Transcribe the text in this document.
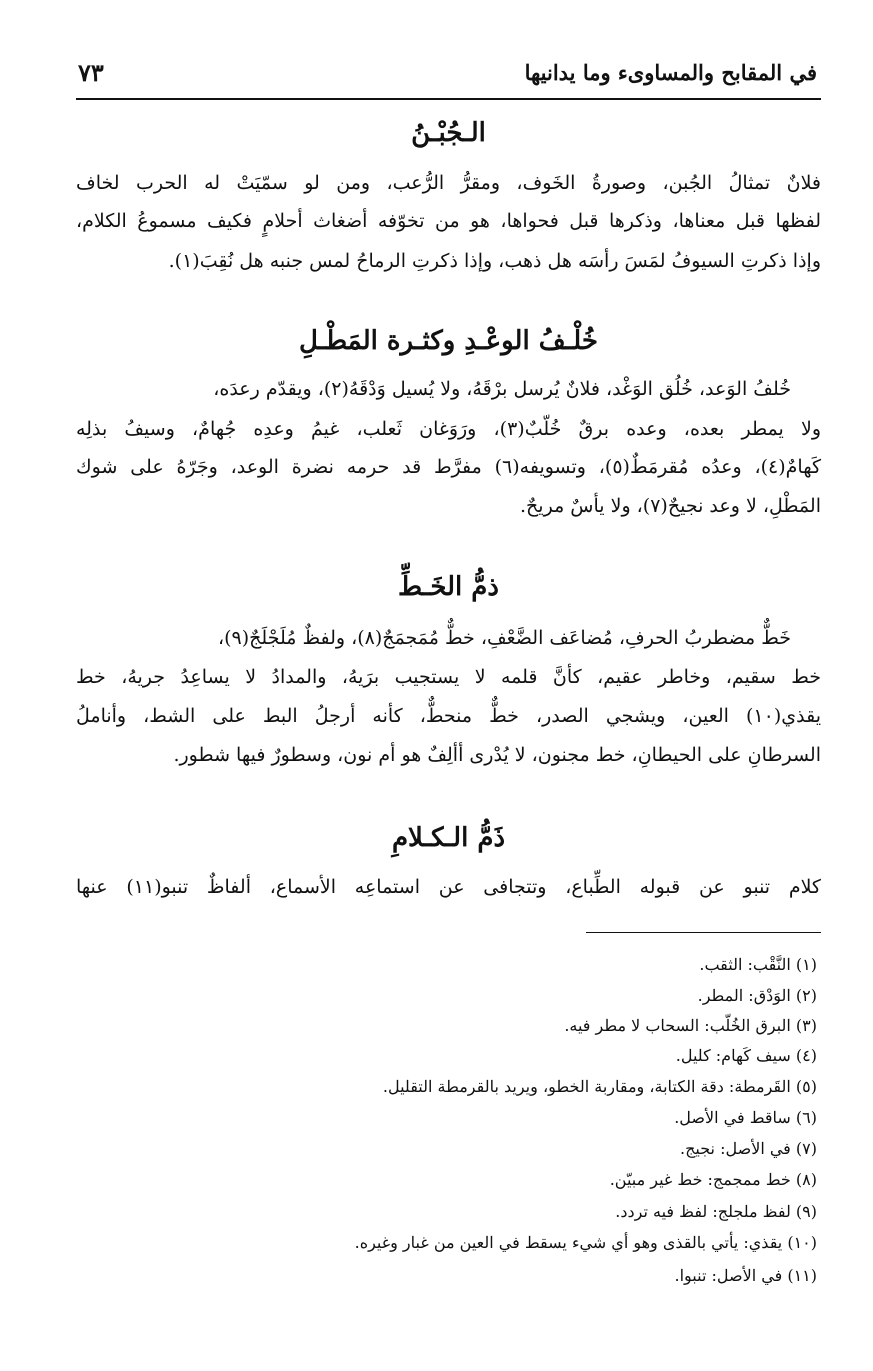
في المقابح والمساوىء وما يدانيها
٧٣
الـجُبْـنُ
فلانٌ تمثالُ الجُبن، وصورةُ الخَوف، ومقرُّ الرُّعب، ومن لو سمّيَتْ له الحرب لخاف
لفظها قبل معناها، وذكرها قبل فحواها، هو من تخوّفه أضغاث أحلامٍ فكيف مسموعُ الكلام،
وإذا ذكرتِ السيوفُ لمَسَ رأسَه هل ذهب، وإذا ذكرتِ الرماحُ لمس جنبه هل نُقِبَ(١).
خُلْـفُ الوعْـدِ وكثـرة المَطْـلِ
خُلفُ الوَعد، خُلُق الوَغْد، فلانٌ يُرسل برْقَهُ، ولا يُسيل وَدْقَهُ(٢)، ويقدّم رعدَه،
ولا يمطر بعده، وعده برقٌ خُلّبٌ(٣)، ورَوَغان ثَعلب، غيمُ وعدِه جُهامٌ، وسيفُ بذلِه
كَهامٌ(٤)، وعدُه مُقرمَطٌ(٥)، وتسويفه(٦) مفرَّط قد حرمه نضرة الوعد، وجَرّهُ على شوك
المَطْلِ، لا وعد نجيحٌ(٧)، ولا يأسٌ مريحٌ.
ذمُّ الخَـطِّ
خَطٌّ مضطربُ الحرفِ، مُضاعَف الضَّعْفِ، خطٌّ مُمَجمَجٌ(٨)، ولفظٌ مُلَجْلَجٌ(٩)،
خط سقيم، وخاطر عقيم، كأنَّ قلمه لا يستجيب برَيهُ، والمدادُ لا يساعِدُ جريهُ، خط
يقذي(١٠) العين، ويشجي الصدر، خطٌّ منحطٌّ، كأنه أرجلُ البط على الشط، وأناملُ
السرطانِ على الحيطانِ، خط مجنون، لا يُدْرى أألِفٌ هو أم نون، وسطورٌ فيها شطور.
ذَمُّ الـكـلامِ
كلام تنبو عن قبوله الطِّباع، وتتجافى عن استماعِه الأسماع، ألفاظٌ تنبو(١١) عنها
(١) النَّقْب: الثقب.
(٢) الوَدْق: المطر.
(٣) البرق الخُلّب: السحاب لا مطر فيه.
(٤) سيف كَهام: كليل.
(٥) القَرمطة: دقة الكتابة، ومقاربة الخطو، ويريد بالقرمطة التقليل.
(٦) ساقط في الأصل.
(٧) في الأصل: نجيج.
(٨) خط ممجمج: خط غير مبيّن.
(٩) لفظ ملجلج: لفظ فيه تردد.
(١٠) يقذي: يأتي بالقذى وهو أي شيء يسقط في العين من غبار وغيره.
(١١) في الأصل: تنبوا.
